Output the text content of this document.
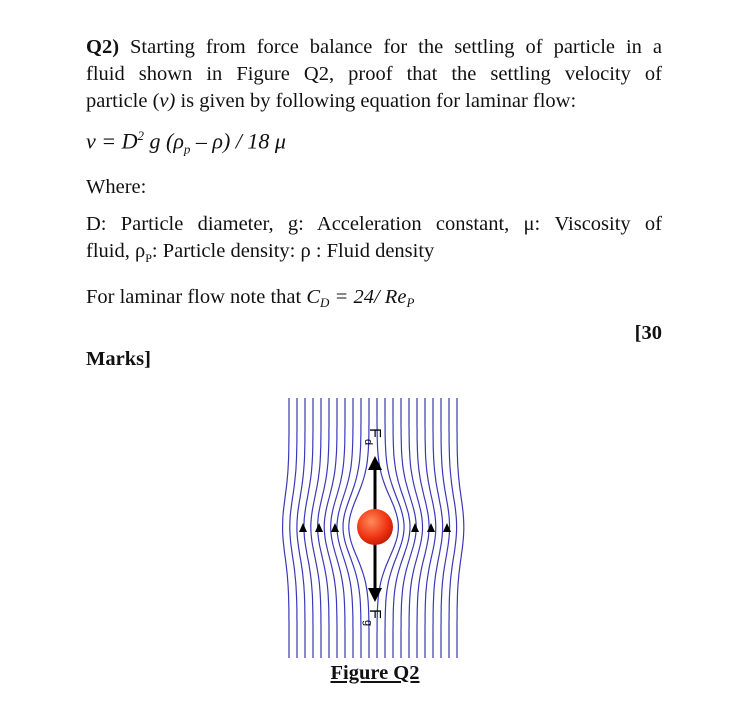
Q2) Starting from force balance for the settling of particle in a
fluid shown in Figure Q2, proof that the settling velocity of
particle (v) is given by following equation for laminar flow:
$v = D^2$ g $(\rho_p - \rho) / 18$ μ
Where:
D: Particle diameter, g: Acceleration constant, μ: Viscosity of
fluid, $\rho_P$: Particle density: ρ : Fluid density
For laminar flow note that CD = 24/ ReP
[30
Marks]
F
d
F
g
Figure Q2
